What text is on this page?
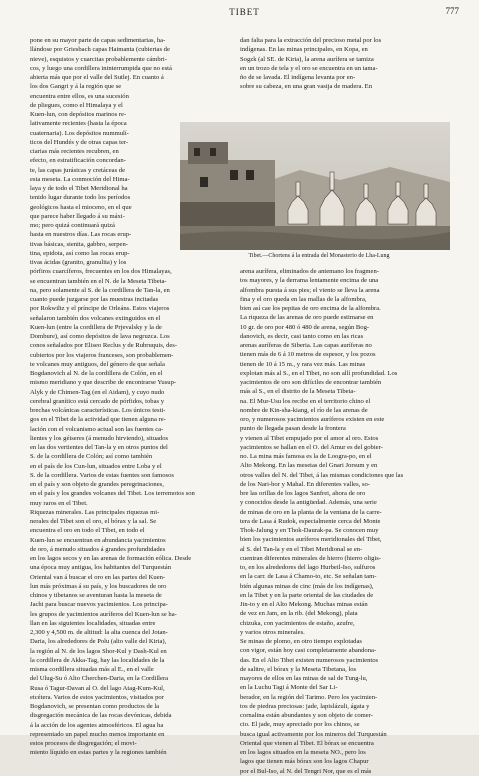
TIBET	777
pone en su mayor parte de capas sedimentarias, ha-
llándose por Griesbach capas Haimanta (cubiertas de
nieve), esquistos y cuarcitas probablemente cámbri-
cos, y luego una cordillera ininterrumpida que no está
abierta más que por el valle del Sutlej. En cuanto á
los dos Gangri y á la región que se
encuentra entre ellos, es una sucesión
de pliegues, como el Himalaya y el
Kuen-lun, con depósitos marinos re-
lativamente recientes (hasta la época
cuaternaria). Los depósitos nummulí-
ticos del Hundés y de otras capas ter-
ciarias más recientes recubren, en
efecto, en estratificación concordan-
te, las capas jurásicas y cretáceas de
esta meseta. La conmoción del Hima-
laya y de todo el Tibet Meridional ha
tenido lugar durante todo los períodos
geológicos hasta el mioceno, en el que
que parece haber llegado á su máxi-
mo; pero quizá continuará quizá
hasta en nuestros días. Las rocas erup-
tivas básicas, sienita, gabbro, serpen-
tina, epidota, así como las rocas erup-
tivas ácidas (granito, granulita) y los
pórfiros cuarcíferos, frecuentes en los dos Himalayas,
se encuentran también en el N. de la Meseta Tibeta-
na, pero solamente al S. de la cordillera de Tan-la, en
cuanto puede juzgarse por las muestras incitadas
por Rokwiltz y el príncipe de Orleáns. Estos viajeros
señalaron también dos volcanes extinguidos en el
Kuen-lun (entre la cordillera de Prjevalsky y la de
Dombure), así como depósitos de lava negruzca. Los
conos señalados por Eliseo Reclus y de Rubruquis, des-
cubiertos por los viajeros franceses, son probablemen-
te volcanes muy antiguos, del género de que señala
Bogdanovich al N. de la cordillera de Colón, en el
mismo meridiano y que describe de encontrarse Yusup-
Alyk y de Chimen-Tag (en el Aidam), y cuyo nudo
cerebral granítico está cercado de pórfidos, tobas y
brechas volcánicas características. Los únicos testi-
gos en el Tibet de la actividad que tienen alguna re-
lación con el volcanismo actual son las fuentes ca-
lientes y los géiseres (á menudo hirviendo), situados
en las dos vertientes del Tan-la y en otros puntos del
S. de la cordillera de Colón; así como también
en el país de los Cun-lun, situados entre Loba y el
S. de la cordillera. Varios de estas fuentes son famosos
en el país y son objeto de grandes peregrinaciones,
en el país y los grandes volcanes del Tibet. Los terremotos son
muy raros en el Tibet.
Riquezas minerales. Las principales riquezas mi-
nerales del Tibet son el oro, el bórax y la sal. Se
encuentra el oro en todo el Tibet, en todo el
Kuen-lun se encuentran en abundancia yacimientos
de oro, á menudo situados á grandes profundidades
en los lagos secos y en las arenas de formación eólica. Desde
una época muy antigua, los habitantes del Turquestán
Oriental van á buscar el oro en las partes del Kuen-
lun más próximas á su país, y los buscadores de oro
chinos y tibetanos se aventuran hasta la meseta de
Jachi para buscar nuevos yacimientos. Los principa-
les grupos de yacimientos auríferos del Kuen-lun se ha-
llan en las siguientes localidades, situadas entre
2,300 y 4,500 m. de altitud: la alta cuenca del Jotan-
Daria, los alrededores de Polu (alto valle del Kiria),
la región al N. de los lagos Shor-Kul y Dash-Kul en
la cordillera de Akka-Tag, hay las localidades de la
misma cordillera situadas más al E., en el valle
del Ulug-Su ó Alto Cherchen-Daria, en la Cordillera
Rusa ó Tagur-Davan al O. del lago Atag-Kum-Kul,
etcétera. Varios de estos yacimientos, visitados por
Bogdanovich, se presentan como productos de la
disgregación mecánica de las rocas devónicas, debida
á la acción de los agentes atmosféricos. El agua ha
representado un papel mucho menos importante en
estos procesos de disgregación; el movi-
miento líquido en estas partes y la regiones también
dan falta para la extracción del precioso metal por los
indígenas. En las minas principales, en Kopa, en
Sogzk (al SE. de Kiria), la arena aurífera se tamiza
en un trozo de tela y el oro se encuentra en un tama-
ño de se lavada. El indígena levanta por en-
sobre su cabeza, en una gran vasija de madera. En
Tibet.—Chortens á la entrada del Monasterio de Lha-Lung
arena aurífera, eliminados de antemano los fragmen-
tos mayores, y la derrama lentamente encima de una
alfombra puesta á sus pies; el viento se lleva la arena
fina y el oro queda en las mallas de la alfombra,
bien así cae los pepitas de oro encima de la alfombra.
La riqueza de las arenas de oro puede estimarse en
10 gr. de oro por 480 ó 480 de arena, según Bog-
danovich, es decir, casi tanto como en las ricas
arenas auríferas de Siberia. Las capas auríferas no
tienen más de 6 á 10 metros de espesor, y los pozos
tienen de 10 á 15 m., y rara vez más. Las minas
explotan más al S., en el Tibet, no son allí profundidad. Los
yacimientos de oro son difíciles de encontrar también
más al S., en el distrito de la Meseta Tibeta-
na. El Mur-Usu los recibe en el territorio chino el
nombre de Kin-sha-kiang, el río de las arenas de
oro, y numerosos yacimientos auríferos existen en este
punto de llegada pasan desde la frontera
y vienen al Tibet empujado por el amor al oro. Estos
yacimientos se hallan en el O. del Amur es del gobier-
no. La mina más famosa es la de Loogra-po, en el
Alto Mekong. En las mesetas del Gnari Jorsum y en
otros valles del N. del Tibet, á las mismas condiciones que las
de los Nari-bor y Mahal. En diferentes valles, so-
bre las orillas de los lagos Sanfrei, ahora de oro
y conocidos desde la antigüedad. Además, una serie
de minas de oro en la planta de la ventana de la carre-
tera de Lasa á Rudok, especialmente cerca del Monte
Thok-Jalung y en Thok-Daurak-pa. Se conocen muy
bien los yacimientos auríferos meridionales del Tibet,
al S. del Tan-la y en el Tibet Meridional se en-
cuentran diferentes minerales de hierro (hierro oligis-
to, en los alrededores del lago Hurbeil-Iso, sulfuros
en la carr. de Lasa á Chamo-to, etc. Se señalan tam-
bién algunas minas de cinc (más de los indígenas),
en la Tibet y en la parte oriental de las ciudades de
Jin-to y en el Alto Mekong. Muchas minas están
de vez en Jam, en la rib. (del Mekong), plata
chizuka, con yacimientos de estaño, azufre,
y varios otros minerales.
Se minas de plomo, en otro tiempo explotadas
con vigor, están hoy casi completamente abandona-
das. En el Alto Tibet existen numerosos yacimientos
de salitre, el bórax y la Meseta Tibetana, los
mayores de ellos en las minas de sal de Tung-lu,
en la Luchu Tagi á Monte del Sar Li-
berador, en la región del Tarimo. Pero los yacimien-
tos de piedras preciosas: jade, lapislázuli, ágata y
cornalina están abundantes y son objeto de comer-
cio. El jade, muy apreciado por los chinos, se
busca igual activamente por los mineros del Turquestán
Oriental que vienen al Tibet. El bórax se encuentra
en los lagos situados en la meseta NO., pero los
lagos que tienen más bórax son los lagos Chapur
por el Bul-Iso, al N. del Tengri Nor, que es el más
